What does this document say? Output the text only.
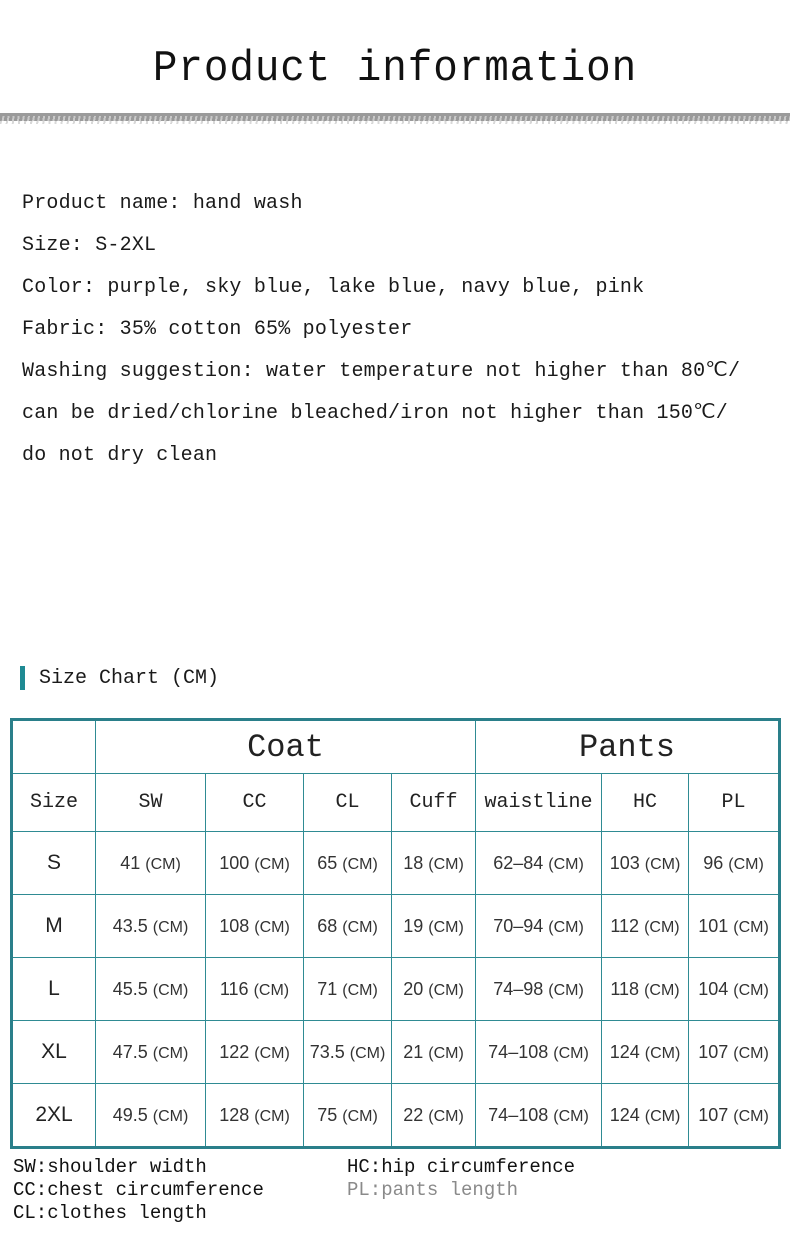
Product information
Product name: hand wash
Size: S-2XL
Color: purple, sky blue, lake blue, navy blue, pink
Fabric: 35% cotton 65% polyester
Washing suggestion: water temperature not higher than 80℃/
can be dried/chlorine bleached/iron not higher than 150℃/
do not dry clean
Size Chart (CM)
	Coat				Pants		
Size	SW	CC	CL	Cuff	waistline	HC	PL
S	41 (CM)	100 (CM)	65 (CM)	18 (CM)	62–84 (CM)	103 (CM)	96 (CM)
M	43.5 (CM)	108 (CM)	68 (CM)	19 (CM)	70–94 (CM)	112 (CM)	101 (CM)
L	45.5 (CM)	116 (CM)	71 (CM)	20 (CM)	74–98 (CM)	118 (CM)	104 (CM)
XL	47.5 (CM)	122 (CM)	73.5 (CM)	21 (CM)	74–108 (CM)	124 (CM)	107 (CM)
2XL	49.5 (CM)	128 (CM)	75 (CM)	22 (CM)	74–108 (CM)	124 (CM)	107 (CM)
SW:shoulder width
CC:chest circumference
CL:clothes length
HC:hip circumference
PL:pants length
